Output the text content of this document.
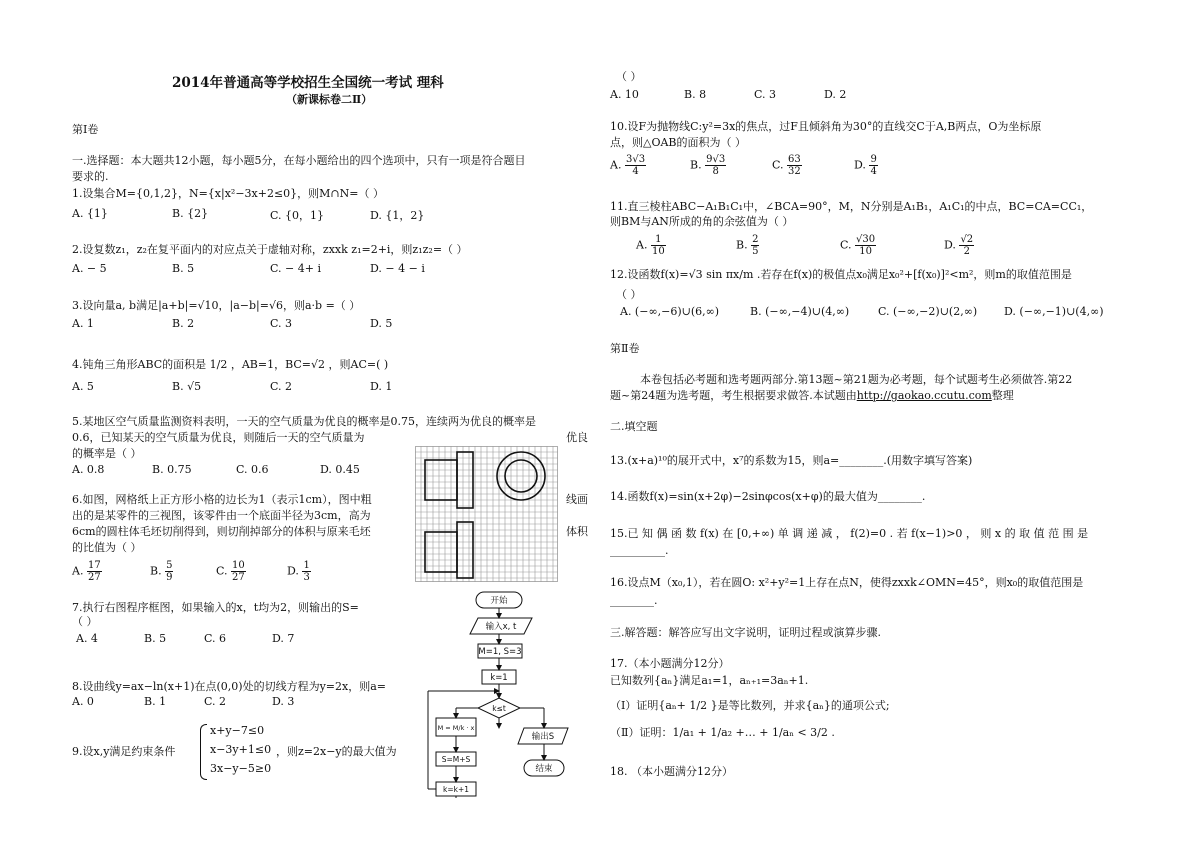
2014年普通高等学校招生全国统一考试 理科
（新课标卷二Ⅱ）
第Ⅰ卷
一.选择题：本大题共12小题，每小题5分，在每小题给出的四个选项中，只有一项是符合题目
要求的.
1.设集合M={0,1,2}，N={x|x²−3x+2≤0}，则M∩N=（ ）
A. {1}	B. {2}	C. {0，1}	D. {1，2}
2.设复数z₁，z₂在复平面内的对应点关于虚轴对称，zxxk z₁=2+i，则z₁z₂=（ ）
A. − 5	B. 5	C. − 4+ i	D. − 4 − i
3.设向量a, b满足|a+b|=√10，|a−b|=√6，则a·b =（ ）
A. 1	B. 2	C. 3	D. 5
4.钝角三角形ABC的面积是 1/2 ，AB=1，BC=√2 ，则AC=( )
A. 5	B. √5	C. 2	D. 1
5.某地区空气质量监测资料表明，一天的空气质量为优良的概率是0.75，连续两为优良的概率是
0.6，已知某天的空气质量为优良，则随后一天的空气质量为	优良
的概率是（ ）
A. 0.8	B. 0.75	C. 0.6	D. 0.45
6.如图，网格纸上正方形小格的边长为1（表示1cm），图中粗	线画
出的是某零件的三视图，该零件由一个底面半径为3cm，高为
6cm的圆柱体毛坯切削得到，则切削掉部分的体积与原来毛坯	体积
的比值为（ ）
A. $\frac{17}{27}$	B. $\frac{5}{9}$	C. $\frac{10}{27}$	D. $\frac{1}{3}$
7.执行右图程序框图，如果输入的x，t均为2，则输出的S=
（ ）
A. 4	B. 5	C. 6	D. 7
8.设曲线y=ax−ln(x+1)在点(0,0)处的切线方程为y=2x，则a=
A. 0	B. 1	C. 2	D. 3
9.设x,y满足约束条件
x+y−7≤0
x−3y+1≤0
3x−y−5≥0
，则z=2x−y的最大值为
开始
输入x, t
M=1, S=3
k=1
k≤t
M = M/k · x
S=M+S
k=k+1
输出S
结束
（ ）
A. 10	B. 8	C. 3	D. 2
10.设F为抛物线C:y²=3x的焦点，过F且倾斜角为30°的直线交C于A,B两点，O为坐标原
点，则△OAB的面积为（ ）
A. $\frac{3√3}{4}$	B. $\frac{9√3}{8}$	C. $\frac{63}{32}$	D. $\frac{9}{4}$
11.直三棱柱ABC−A₁B₁C₁中，∠BCA=90°，M，N分别是A₁B₁，A₁C₁的中点，BC=CA=CC₁，
则BM与AN所成的角的余弦值为（ ）
A. $\frac{1}{10}$	B. $\frac{2}{5}$	C. $\frac{√30}{10}$	D. $\frac{√2}{2}$
12.设函数f(x)=√3 sin πx/m .若存在f(x)的极值点x₀满足x₀²+[f(x₀)]²<m²，则m的取值范围是
（ ）
A. (−∞,−6)∪(6,∞)	B. (−∞,−4)∪(4,∞)	C. (−∞,−2)∪(2,∞) D. (−∞,−1)∪(4,∞)
第Ⅱ卷
本卷包括必考题和选考题两部分.第13题~第21题为必考题，每个试题考生必须做答.第22
题~第24题为选考题，考生根据要求做答.本试题由http://gaokao.ccutu.com整理
二.填空题
13.(x+a)¹⁰的展开式中，x⁷的系数为15，则a=________.(用数字填写答案)
14.函数f(x)=sin(x+2φ)−2sinφcos(x+φ)的最大值为________.
15.已 知 偶 函 数 f(x) 在 [0,+∞) 单 调 递 减 ， f(2)=0 . 若 f(x−1)>0 ， 则 x 的 取 值 范 围 是
__________.
16.设点M（x₀,1），若在圆O: x²+y²=1上存在点N，使得zxxk∠OMN=45°，则x₀的取值范围是
________.
三.解答题：解答应写出文字说明，证明过程或演算步骤.
17.（本小题满分12分）
已知数列{aₙ}满足a₁=1，aₙ₊₁=3aₙ+1.
（Ⅰ）证明{aₙ+ 1/2 }是等比数列，并求{aₙ}的通项公式;
（Ⅱ）证明：1/a₁ + 1/a₂ +… + 1/aₙ < 3/2 .
18. （本小题满分12分）
